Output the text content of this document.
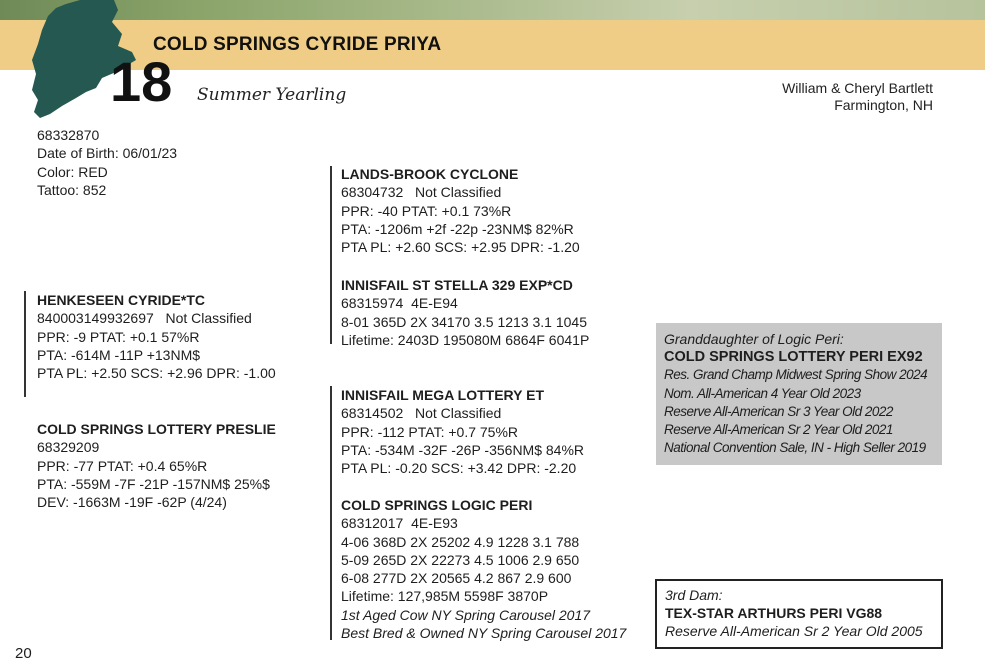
COLD SPRINGS CYRIDE PRIYA
18 Summer Yearling	William & Cheryl Bartlett
Farmington, NH
68332870
Date of Birth: 06/01/23
Color: RED
Tattoo: 852
HENKESEEN CYRIDE*TC
840003149932697   Not Classified
PPR: -9 PTAT: +0.1 57%R
PTA: -614M -11P +13NM$
PTA PL: +2.50 SCS: +2.96 DPR: -1.00
COLD SPRINGS LOTTERY PRESLIE
68329209
PPR: -77 PTAT: +0.4 65%R
PTA: -559M -7F -21P -157NM$ 25%$
DEV: -1663M -19F -62P (4/24)
LANDS-BROOK CYCLONE
68304732   Not Classified
PPR: -40 PTAT: +0.1 73%R
PTA: -1206m +2f -22p -23NM$ 82%R
PTA PL: +2.60 SCS: +2.95 DPR: -1.20
INNISFAIL ST STELLA 329 EXP*CD
68315974  4E-E94
8-01 365D 2X 34170 3.5 1213 3.1 1045
Lifetime: 2403D 195080M 6864F 6041P
INNISFAIL MEGA LOTTERY ET
68314502   Not Classified
PPR: -112 PTAT: +0.7 75%R
PTA: -534M -32F -26P -356NM$ 84%R
PTA PL: -0.20 SCS: +3.42 DPR: -2.20
COLD SPRINGS LOGIC PERI
68312017  4E-E93
4-06 368D 2X 25202 4.9 1228 3.1 788
5-09 265D 2X 22273 4.5 1006 2.9 650
6-08 277D 2X 20565 4.2 867 2.9 600
Lifetime: 127,985M 5598F 3870P
1st Aged Cow NY Spring Carousel 2017
Best Bred & Owned NY Spring Carousel 2017
Granddaughter of Logic Peri:
COLD SPRINGS LOTTERY PERI EX92
Res. Grand Champ Midwest Spring Show 2024
Nom. All-American 4 Year Old 2023
Reserve All-American Sr 3 Year Old 2022
Reserve All-American Sr 2 Year Old 2021
National Convention Sale, IN - High Seller 2019
3rd Dam:
TEX-STAR ARTHURS PERI VG88
Reserve All-American Sr 2 Year Old 2005
20
